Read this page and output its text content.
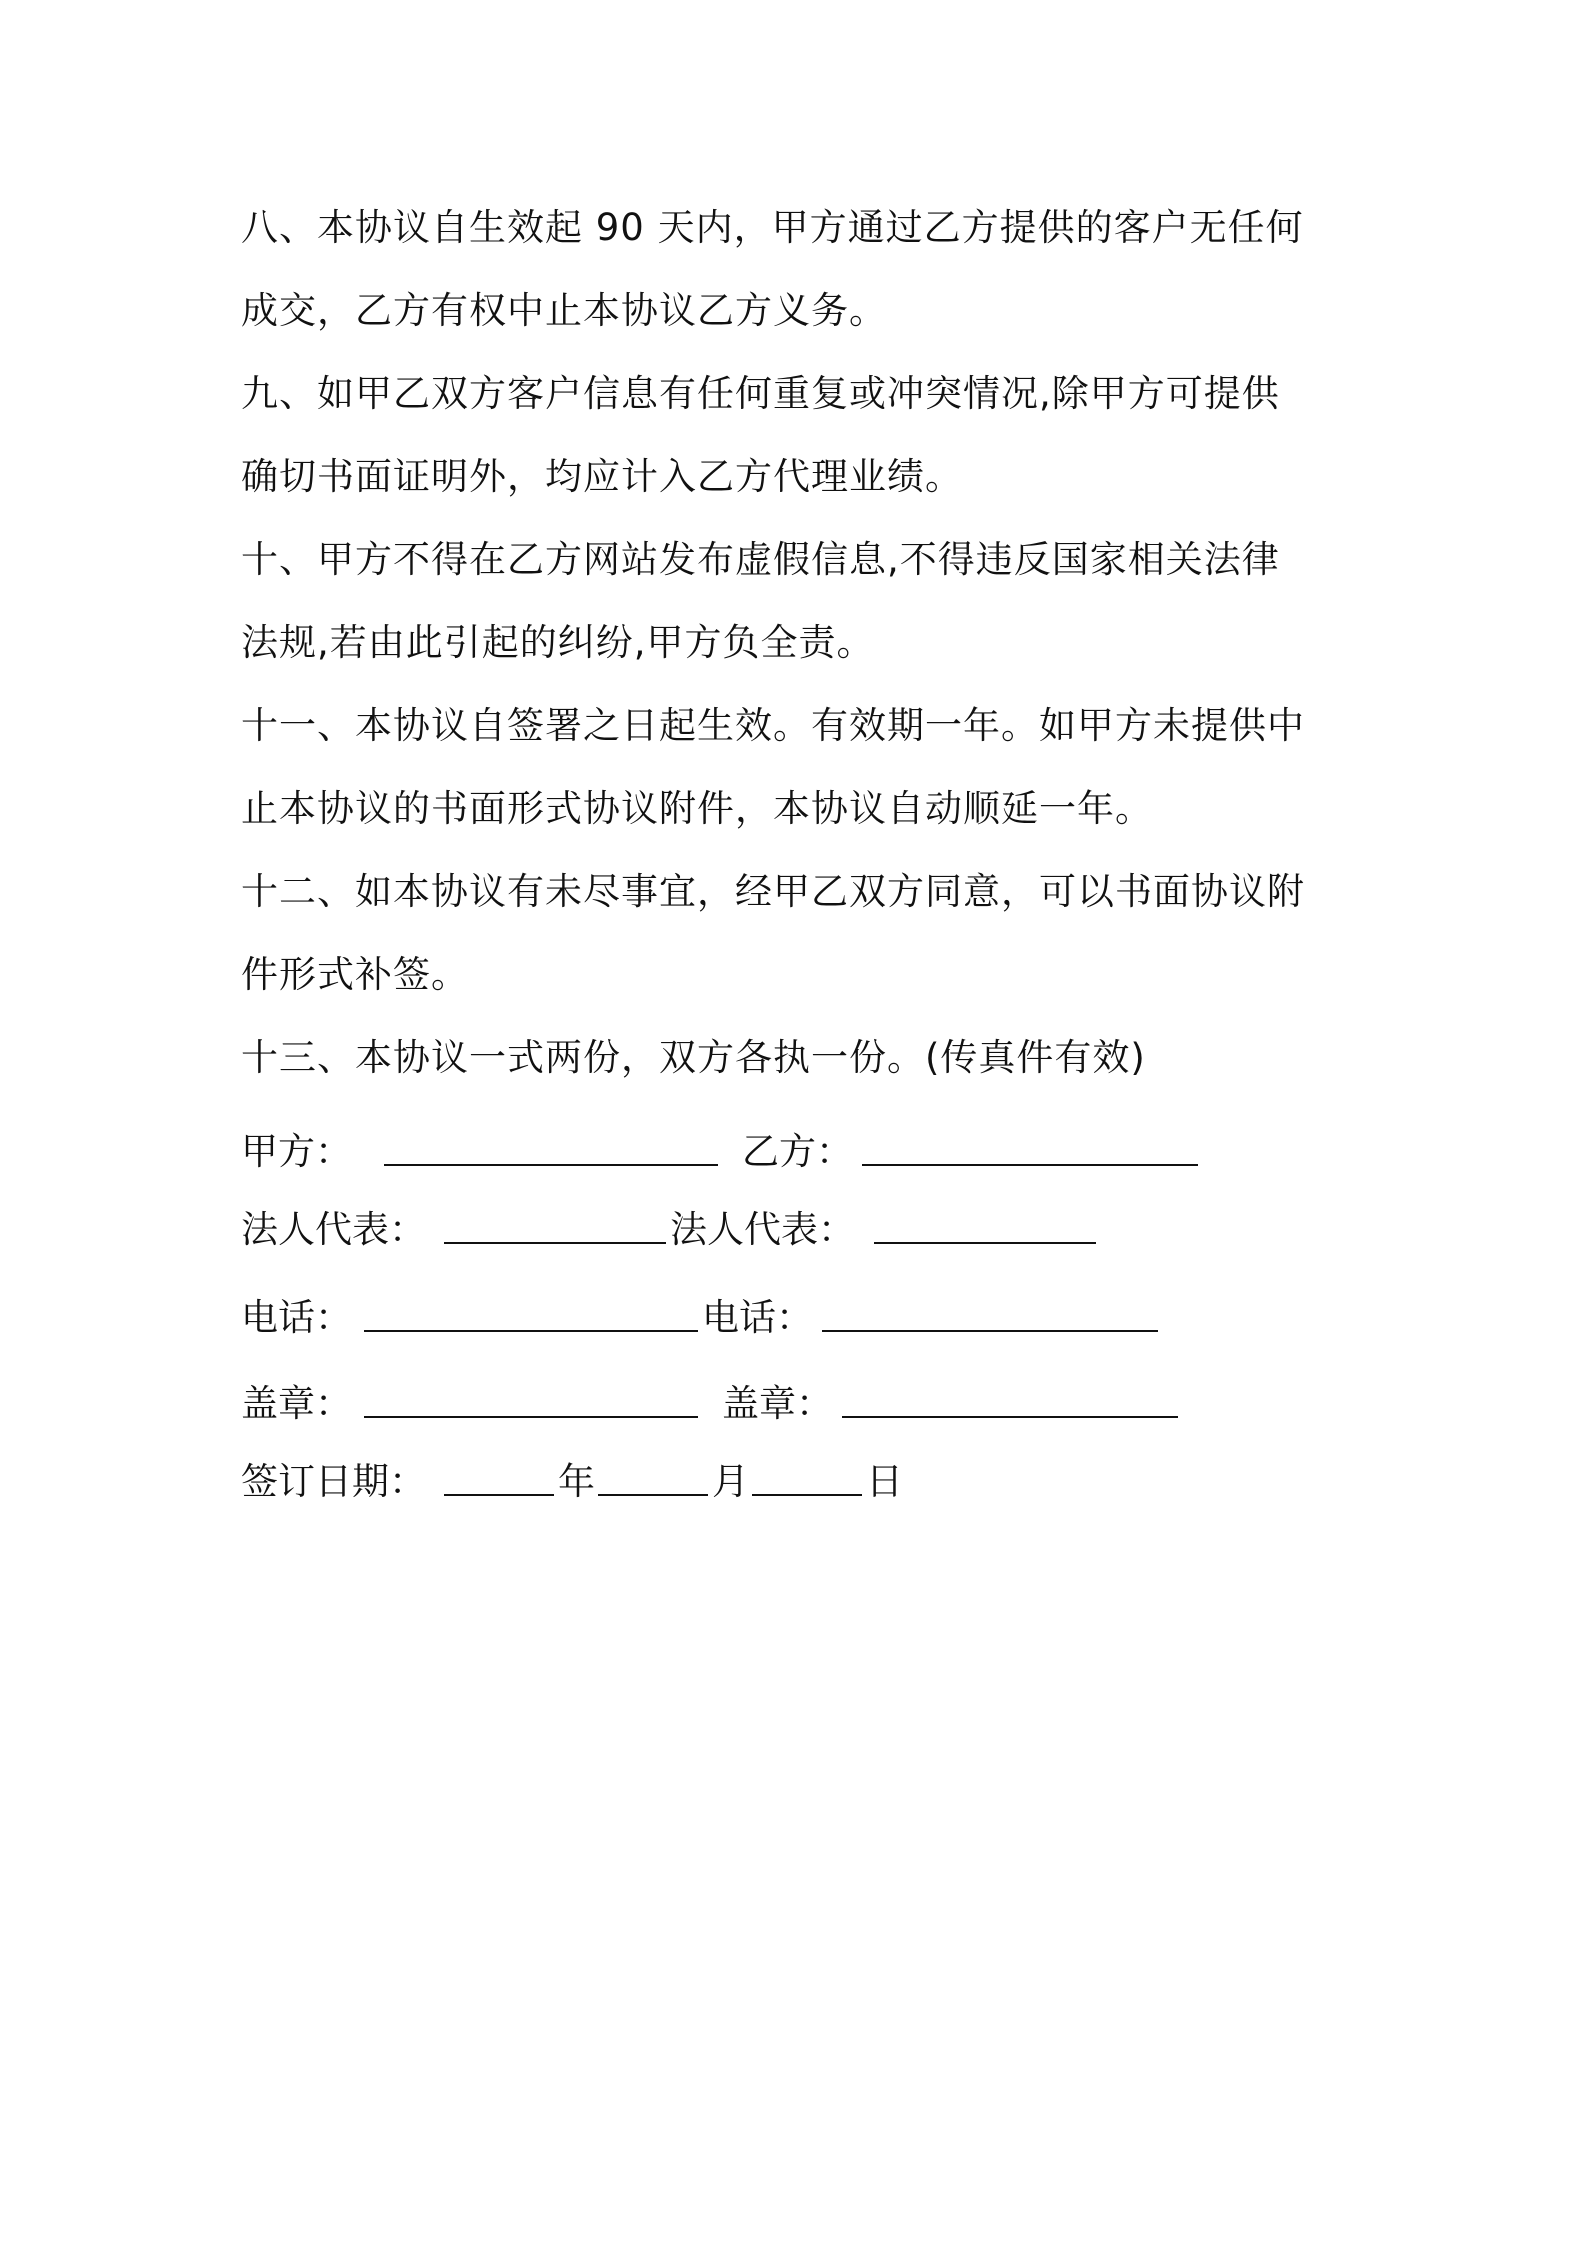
八、本协议自生效起 90 天内，甲方通过乙方提供的客户无任何
成交，乙方有权中止本协议乙方义务。
九、如甲乙双方客户信息有任何重复或冲突情况,除甲方可提供
确切书面证明外，均应计入乙方代理业绩。
十、甲方不得在乙方网站发布虚假信息,不得违反国家相关法律
法规,若由此引起的纠纷,甲方负全责。
十一、本协议自签署之日起生效。有效期一年。如甲方未提供中
止本协议的书面形式协议附件，本协议自动顺延一年。
十二、如本协议有未尽事宜，经甲乙双方同意，可以书面协议附
件形式补签。
十三、本协议一式两份，双方各执一份。(传真件有效)
甲方：	乙方：
法人代表：	法人代表：
电话：	电话：
盖章：	盖章：
签订日期：	年	月	日
